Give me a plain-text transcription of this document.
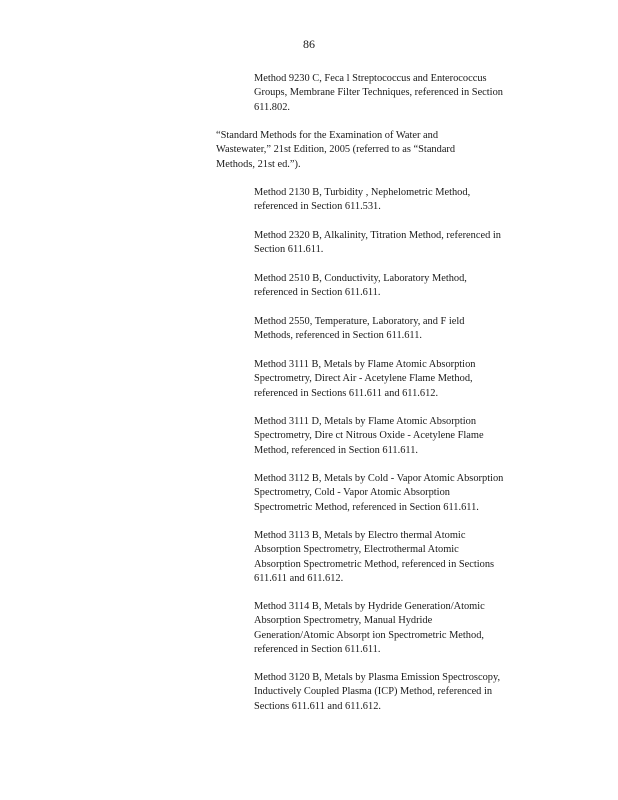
86
Method 9230 C, Feca l Streptococcus and Enterococcus
Groups, Membrane Filter Techniques, referenced in Section
611.802.
“Standard Methods for the Examination of Water and
Wastewater,” 21st Edition, 2005 (referred to as “Standard
Methods, 21st ed.”).
Method 2130 B, Turbidity , Nephelometric Method,
referenced in Section 611.531.
Method 2320 B, Alkalinity, Titration Method, referenced in
Section 611.611.
Method 2510 B, Conductivity, Laboratory Method,
referenced in Section 611.611.
Method 2550, Temperature, Laboratory, and F ield
Methods, referenced in Section 611.611.
Method 3111 B, Metals by Flame Atomic Absorption
Spectrometry, Direct Air - Acetylene Flame Method,
referenced in Sections 611.611 and 611.612.
Method 3111 D, Metals by Flame Atomic Absorption
Spectrometry, Dire ct Nitrous Oxide - Acetylene Flame
Method, referenced in Section 611.611.
Method 3112 B, Metals by Cold - Vapor Atomic Absorption
Spectrometry, Cold - Vapor Atomic Absorption
Spectrometric Method, referenced in Section 611.611.
Method 3113 B, Metals by Electro thermal Atomic
Absorption Spectrometry, Electrothermal Atomic
Absorption Spectrometric Method, referenced in Sections
611.611 and 611.612.
Method 3114 B, Metals by Hydride Generation/Atomic
Absorption Spectrometry, Manual Hydride
Generation/Atomic Absorpt ion Spectrometric Method,
referenced in Section 611.611.
Method 3120 B, Metals by Plasma Emission Spectroscopy,
Inductively Coupled Plasma (ICP) Method, referenced in
Sections 611.611 and 611.612.
